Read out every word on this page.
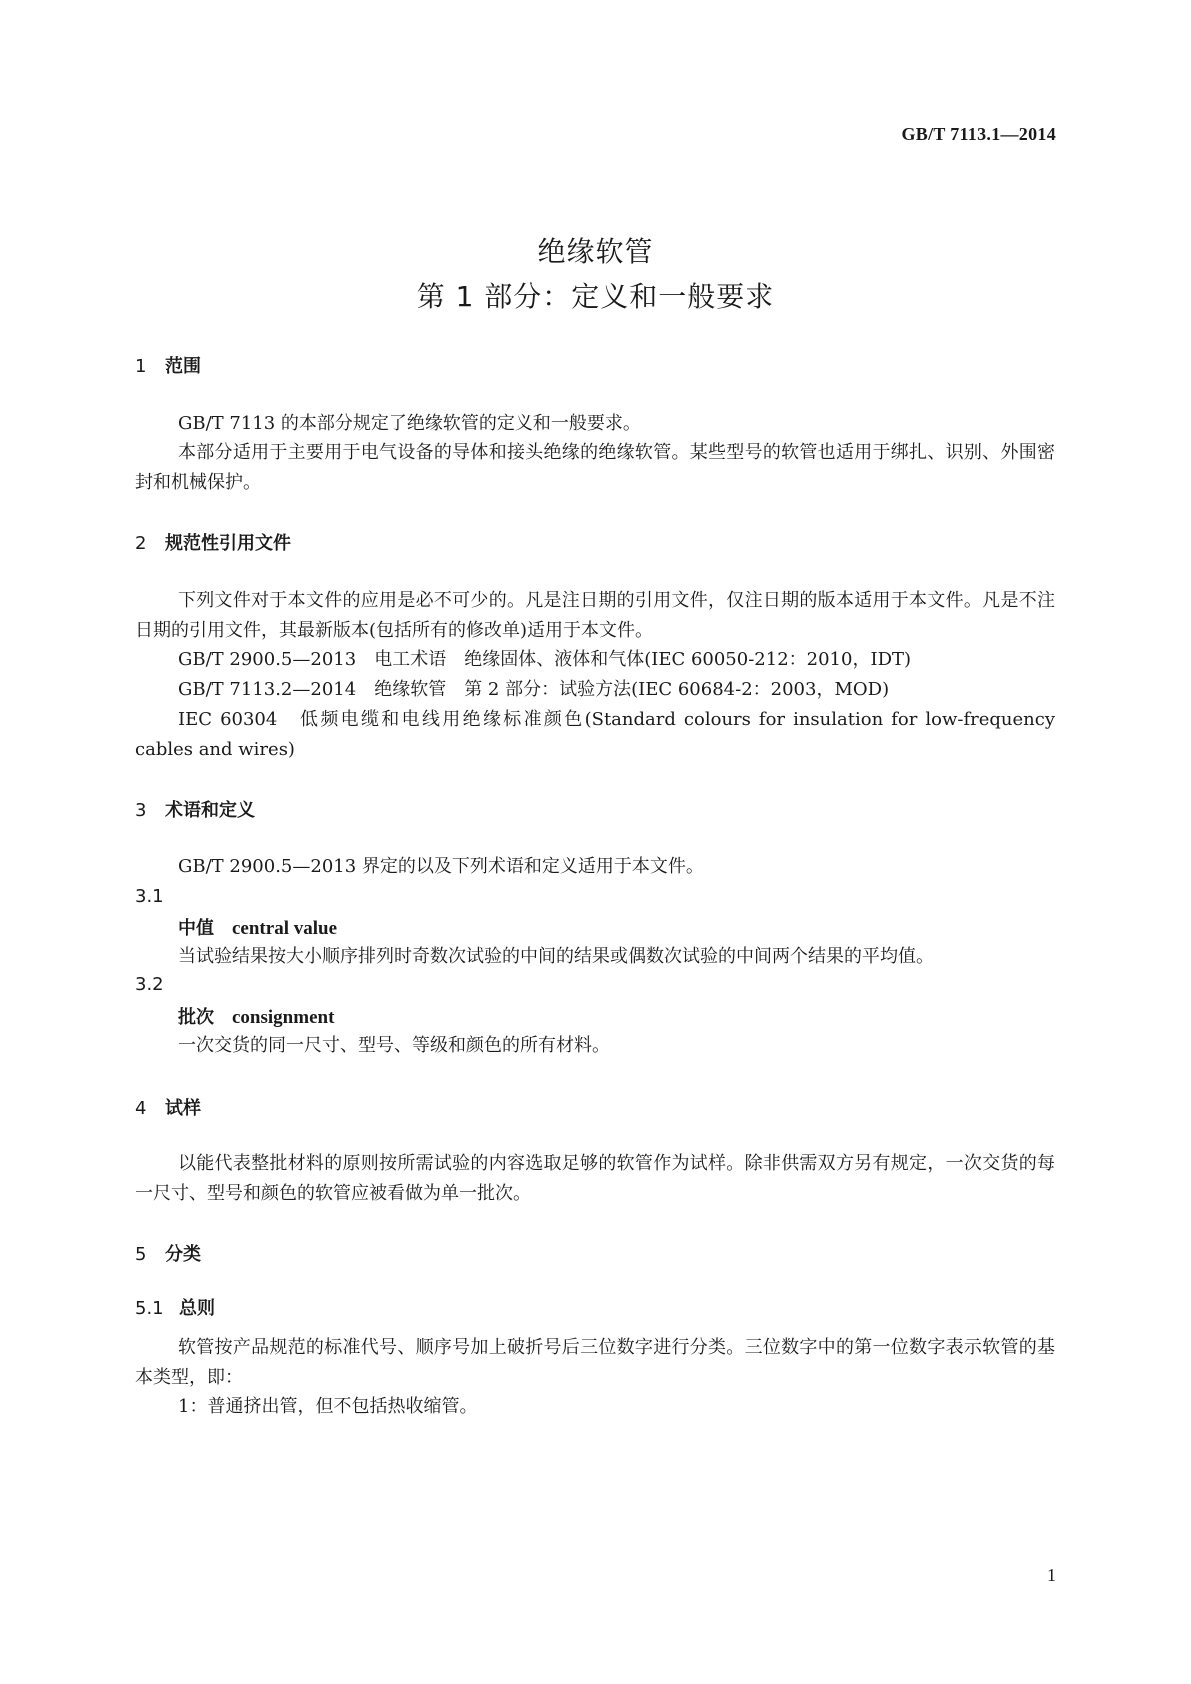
GB/T 7113.1—2014
绝缘软管
第 1 部分：定义和一般要求
1 范围
GB/T 7113 的本部分规定了绝缘软管的定义和一般要求。
本部分适用于主要用于电气设备的导体和接头绝缘的绝缘软管。某些型号的软管也适用于绑扎、识别、外围密封和机械保护。
2 规范性引用文件
下列文件对于本文件的应用是必不可少的。凡是注日期的引用文件，仅注日期的版本适用于本文件。凡是不注日期的引用文件，其最新版本(包括所有的修改单)适用于本文件。
GB/T 2900.5—2013　电工术语　绝缘固体、液体和气体(IEC 60050-212：2010，IDT)
GB/T 7113.2—2014　绝缘软管　第 2 部分：试验方法(IEC 60684-2：2003，MOD)
IEC 60304　低频电缆和电线用绝缘标准颜色(Standard colours for insulation for low-frequency cables and wires)
3 术语和定义
GB/T 2900.5—2013 界定的以及下列术语和定义适用于本文件。
3.1
中值 central value
当试验结果按大小顺序排列时奇数次试验的中间的结果或偶数次试验的中间两个结果的平均值。
3.2
批次 consignment
一次交货的同一尺寸、型号、等级和颜色的所有材料。
4 试样
以能代表整批材料的原则按所需试验的内容选取足够的软管作为试样。除非供需双方另有规定，一次交货的每一尺寸、型号和颜色的软管应被看做为单一批次。
5 分类
5.1 总则
软管按产品规范的标准代号、顺序号加上破折号后三位数字进行分类。三位数字中的第一位数字表示软管的基本类型，即：
1：普通挤出管，但不包括热收缩管。
1
